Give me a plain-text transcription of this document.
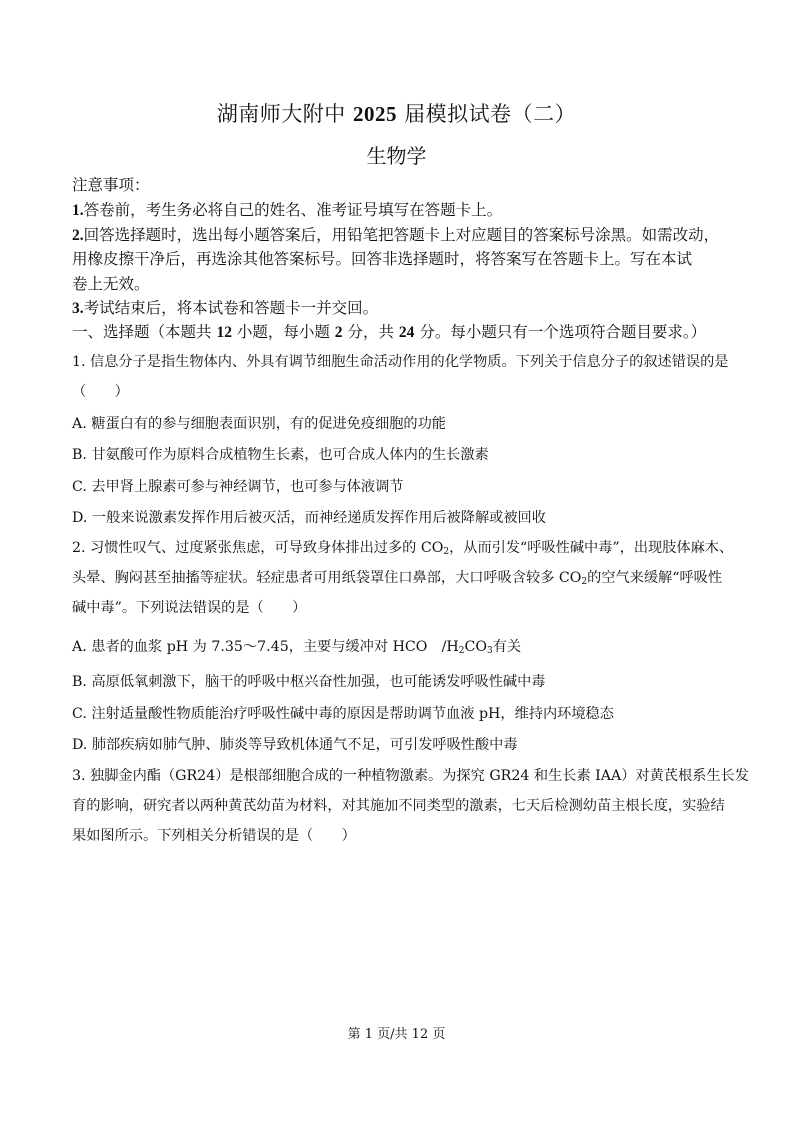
湖南师大附中 2025 届模拟试卷（二）
生物学
注意事项：
1.答卷前，考生务必将自己的姓名、准考证号填写在答题卡上。
2.回答选择题时，选出每小题答案后，用铅笔把答题卡上对应题目的答案标号涂黑。如需改动，
用橡皮擦干净后，再选涂其他答案标号。回答非选择题时，将答案写在答题卡上。写在本试
卷上无效。
3.考试结束后，将本试卷和答题卡一并交回。
一、选择题（本题共 12 小题，每小题 2 分，共 24 分。每小题只有一个选项符合题目要求。）
1. 信息分子是指生物体内、外具有调节细胞生命活动作用的化学物质。下列关于信息分子的叙述错误的是
（　　）
A. 糖蛋白有的参与细胞表面识别，有的促进免疫细胞的功能
B. 甘氨酸可作为原料合成植物生长素，也可合成人体内的生长激素
C. 去甲肾上腺素可参与神经调节，也可参与体液调节
D. 一般来说激素发挥作用后被灭活，而神经递质发挥作用后被降解或被回收
2. 习惯性叹气、过度紧张焦虑，可导致身体排出过多的 $CO_2$，从而引发“呼吸性碱中毒”，出现肢体麻木、
头晕、胸闷甚至抽搐等症状。轻症患者可用纸袋罩住口鼻部，大口呼吸含较多 $CO_2$的空气来缓解“呼吸性
碱中毒”。下列说法错误的是（　　）
A. 患者的血浆 pH 为 7.35～7.45，主要与缓冲对 HCO　$/H_2CO_3$有关
B. 高原低氧刺激下，脑干的呼吸中枢兴奋性加强，也可能诱发呼吸性碱中毒
C. 注射适量酸性物质能治疗呼吸性碱中毒的原因是帮助调节血液 pH，维持内环境稳态
D. 肺部疾病如肺气肿、肺炎等导致机体通气不足，可引发呼吸性酸中毒
3. 独脚金内酯（GR24）是根部细胞合成的一种植物激素。为探究 GR24 和生长素 IAA）对黄芪根系生长发
育的影响，研究者以两种黄芪幼苗为材料，对其施加不同类型的激素，七天后检测幼苗主根长度，实验结
果如图所示。下列相关分析错误的是（　　）
第 1 页/共 12 页
